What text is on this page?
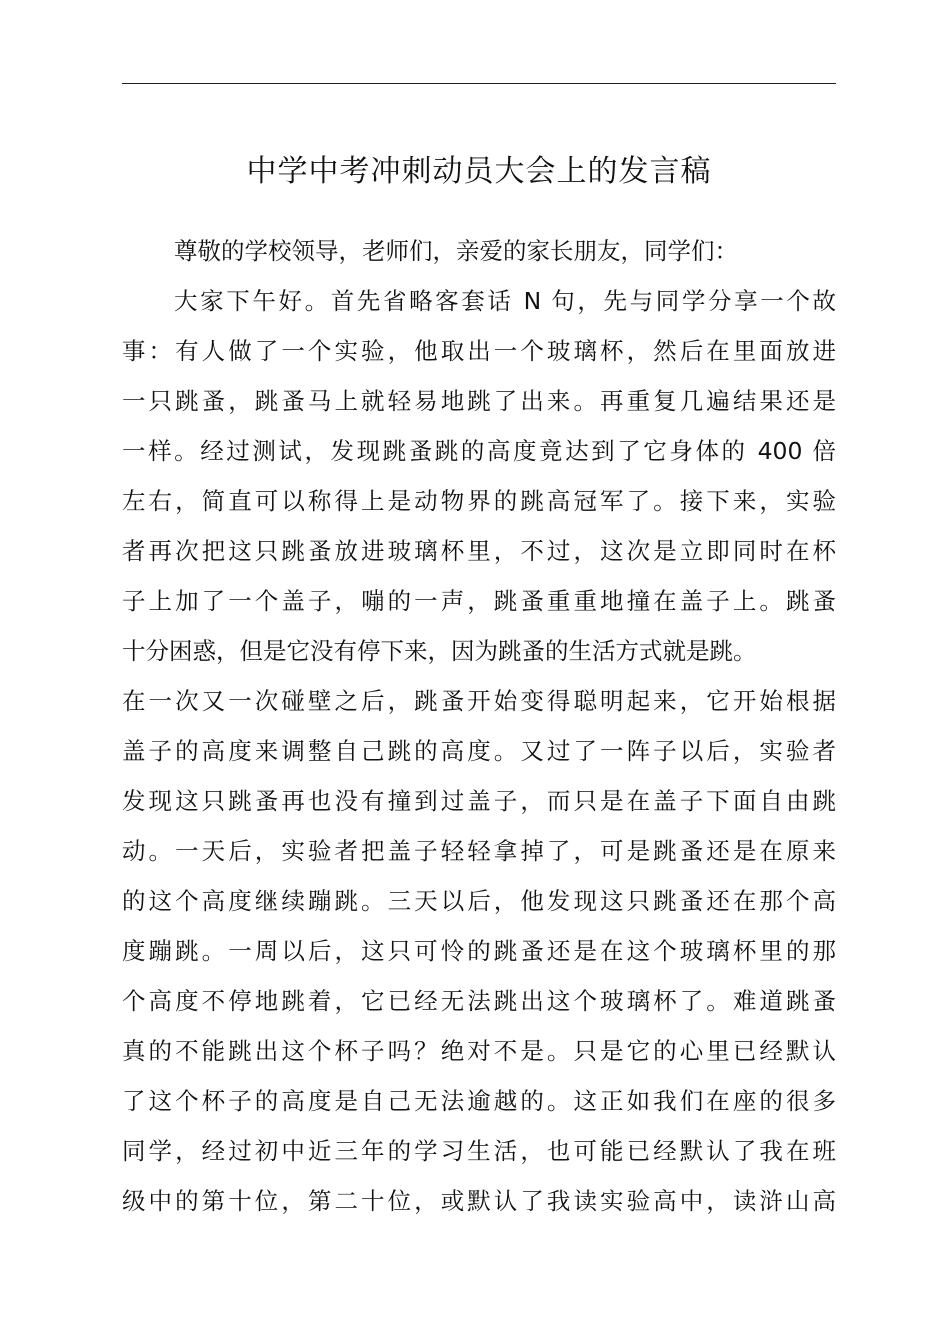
中学中考冲刺动员大会上的发言稿
尊敬的学校领导，老师们，亲爱的家长朋友，同学们：
大家下午好。首先省略客套话 N 句，先与同学分享一个故
事：有人做了一个实验，他取出一个玻璃杯，然后在里面放进
一只跳蚤，跳蚤马上就轻易地跳了出来。再重复几遍结果还是
一样。经过测试，发现跳蚤跳的高度竟达到了它身体的 400 倍
左右，简直可以称得上是动物界的跳高冠军了。接下来，实验
者再次把这只跳蚤放进玻璃杯里，不过，这次是立即同时在杯
子上加了一个盖子，嘣的一声，跳蚤重重地撞在盖子上。跳蚤
十分困惑，但是它没有停下来，因为跳蚤的生活方式就是跳。
在一次又一次碰壁之后，跳蚤开始变得聪明起来，它开始根据
盖子的高度来调整自己跳的高度。又过了一阵子以后，实验者
发现这只跳蚤再也没有撞到过盖子，而只是在盖子下面自由跳
动。一天后，实验者把盖子轻轻拿掉了，可是跳蚤还是在原来
的这个高度继续蹦跳。三天以后，他发现这只跳蚤还在那个高
度蹦跳。一周以后，这只可怜的跳蚤还是在这个玻璃杯里的那
个高度不停地跳着，它已经无法跳出这个玻璃杯了。难道跳蚤
真的不能跳出这个杯子吗？绝对不是。只是它的心里已经默认
了这个杯子的高度是自己无法逾越的。这正如我们在座的很多
同学，经过初中近三年的学习生活，也可能已经默认了我在班
级中的第十位，第二十位，或默认了我读实验高中，读浒山高
